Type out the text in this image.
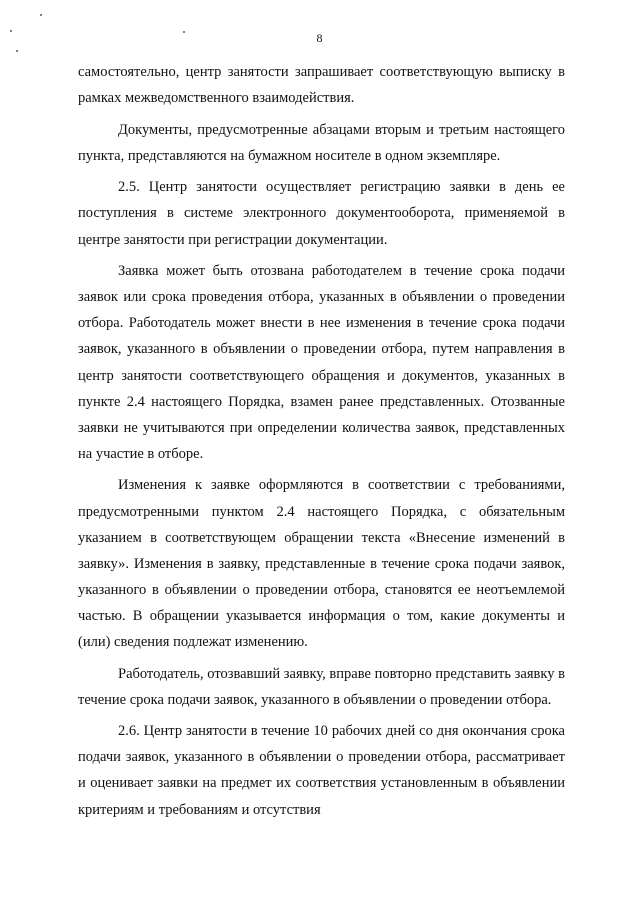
8

самостоятельно, центр занятости запрашивает соответствующую выписку в рамках межведомственного взаимодействия.

Документы, предусмотренные абзацами вторым и третьим настоящего пункта, представляются на бумажном носителе в одном экземпляре.

2.5. Центр занятости осуществляет регистрацию заявки в день ее поступления в системе электронного документооборота, применяемой в центре занятости при регистрации документации.

Заявка может быть отозвана работодателем в течение срока подачи заявок или срока проведения отбора, указанных в объявлении о проведении отбора. Работодатель может внести в нее изменения в течение срока подачи заявок, указанного в объявлении о проведении отбора, путем направления в центр занятости соответствующего обращения и документов, указанных в пункте 2.4 настоящего Порядка, взамен ранее представленных. Отозванные заявки не учитываются при определении количества заявок, представленных на участие в отборе.

Изменения к заявке оформляются в соответствии с требованиями, предусмотренными пунктом 2.4 настоящего Порядка, с обязательным указанием в соответствующем обращении текста «Внесение изменений в заявку». Изменения в заявку, представленные в течение срока подачи заявок, указанного в объявлении о проведении отбора, становятся ее неотъемлемой частью. В обращении указывается информация о том, какие документы и (или) сведения подлежат изменению.

Работодатель, отозвавший заявку, вправе повторно представить заявку в течение срока подачи заявок, указанного в объявлении о проведении отбора.

2.6. Центр занятости в течение 10 рабочих дней со дня окончания срока подачи заявок, указанного в объявлении о проведении отбора, рассматривает и оценивает заявки на предмет их соответствия установленным в объявлении критериям и требованиям и отсутствия
